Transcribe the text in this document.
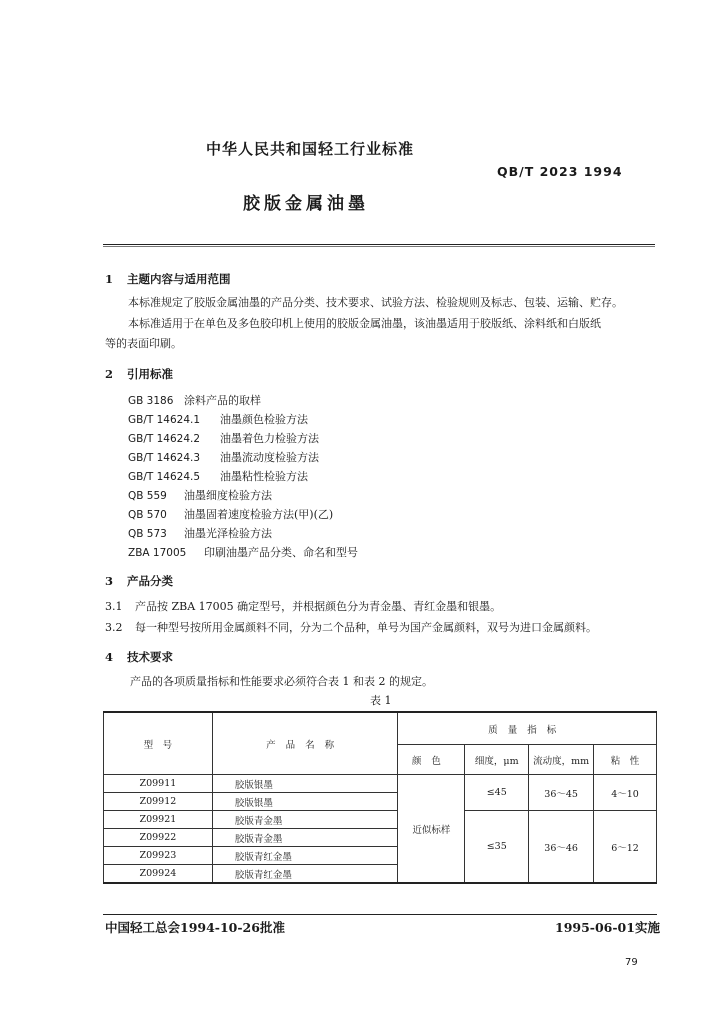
中华人民共和国轻工行业标准
QB/T 2023 1994
胶版金属油墨
1 主题内容与适用范围
本标准规定了胶版金属油墨的产品分类、技术要求、试验方法、检验规则及标志、包装、运输、贮存。
本标准适用于在单色及多色胶印机上使用的胶版金属油墨，该油墨适用于胶版纸、涂料纸和白版纸
等的表面印刷。
2 引用标准
GB 3186 涂料产品的取样
GB/T 14624.1 油墨颜色检验方法
GB/T 14624.2 油墨着色力检验方法
GB/T 14624.3 油墨流动度检验方法
GB/T 14624.5 油墨粘性检验方法
QB 559 油墨细度检验方法
QB 570 油墨固着速度检验方法(甲)(乙)
QB 573 油墨光泽检验方法
ZBA 17005 印刷油墨产品分类、命名和型号
3 产品分类
3.1 产品按 ZBA 17005 确定型号，并根据颜色分为青金墨、青红金墨和银墨。
3.2 每一种型号按所用金属颜料不同，分为二个品种，单号为国产金属颜料，双号为进口金属颜料。
4 技术要求
产品的各项质量指标和性能要求必须符合表 1 和表 2 的规定。
表 1
型　号	产品名称	质量指标			
		颜色	细度，μm	流动度，mm	粘　性
Z09911	胶版银墨	近似标样	≤45	36～45	4～10
Z09912	胶版银墨				
Z09921	胶版青金墨		≤35	36～46	6～12
Z09922	胶版青金墨				
Z09923	胶版青红金墨				
Z09924	胶版青红金墨				
中国轻工总会1994-10-26批准	1995-06-01实施
79
